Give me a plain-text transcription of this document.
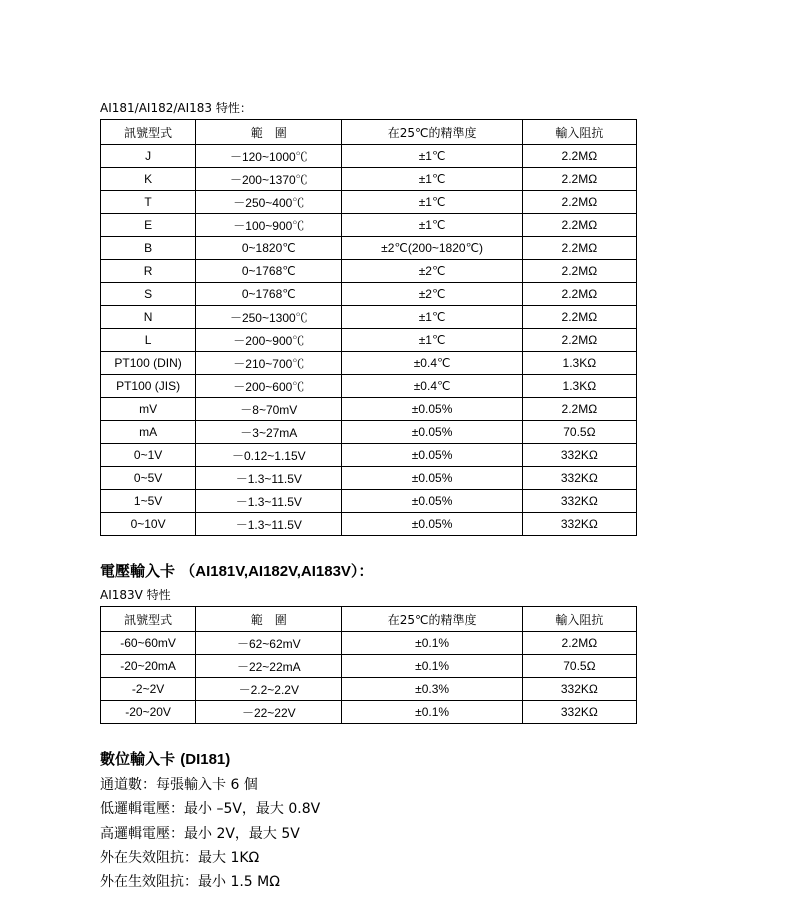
AI181/AI182/AI183 特性：
訊號型式	範　圍	在25℃的精準度	輸入阻抗
J	－120~1000℃	±1℃	2.2MΩ
K	－200~1370℃	±1℃	2.2MΩ
T	－250~400℃	±1℃	2.2MΩ
E	－100~900℃	±1℃	2.2MΩ
B	0~1820℃	±2℃(200~1820℃)	2.2MΩ
R	0~1768℃	±2℃	2.2MΩ
S	0~1768℃	±2℃	2.2MΩ
N	－250~1300℃	±1℃	2.2MΩ
L	－200~900℃	±1℃	2.2MΩ
PT100 (DIN)	－210~700℃	±0.4℃	1.3KΩ
PT100 (JIS)	－200~600℃	±0.4℃	1.3KΩ
mV	－8~70mV	±0.05%	2.2MΩ
mA	－3~27mA	±0.05%	70.5Ω
0~1V	－0.12~1.15V	±0.05%	332KΩ
0~5V	－1.3~11.5V	±0.05%	332KΩ
1~5V	－1.3~11.5V	±0.05%	332KΩ
0~10V	－1.3~11.5V	±0.05%	332KΩ
電壓輸入卡 （AI181V,AI182V,AI183V）：
AI183V 特性
訊號型式	範　圍	在25℃的精準度	輸入阻抗
-60~60mV	－62~62mV	±0.1%	2.2MΩ
-20~20mA	－22~22mA	±0.1%	70.5Ω
-2~2V	－2.2~2.2V	±0.3%	332KΩ
-20~20V	－22~22V	±0.1%	332KΩ
數位輸入卡 (DI181)
通道數：每張輸入卡 6 個
低邏輯電壓：最小 –5V，最大 0.8V
高邏輯電壓：最小 2V，最大 5V
外在失效阻抗：最大 1KΩ
外在生效阻抗：最小 1.5 MΩ
